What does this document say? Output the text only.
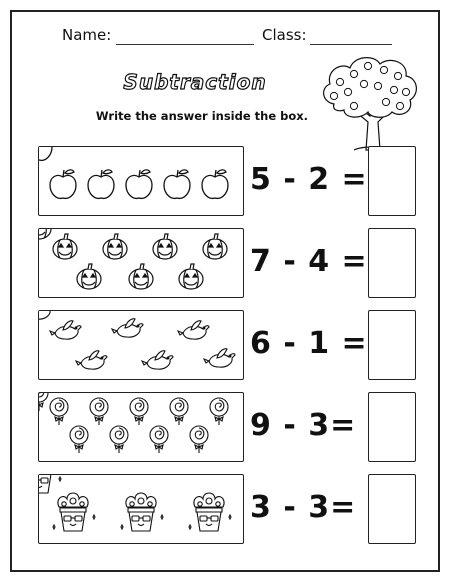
Name:	Class:
Subtraction
Write the answer inside the box.
5 - 2 =
7 - 4 =
6 - 1 =
9 - 3=
3 - 3=
